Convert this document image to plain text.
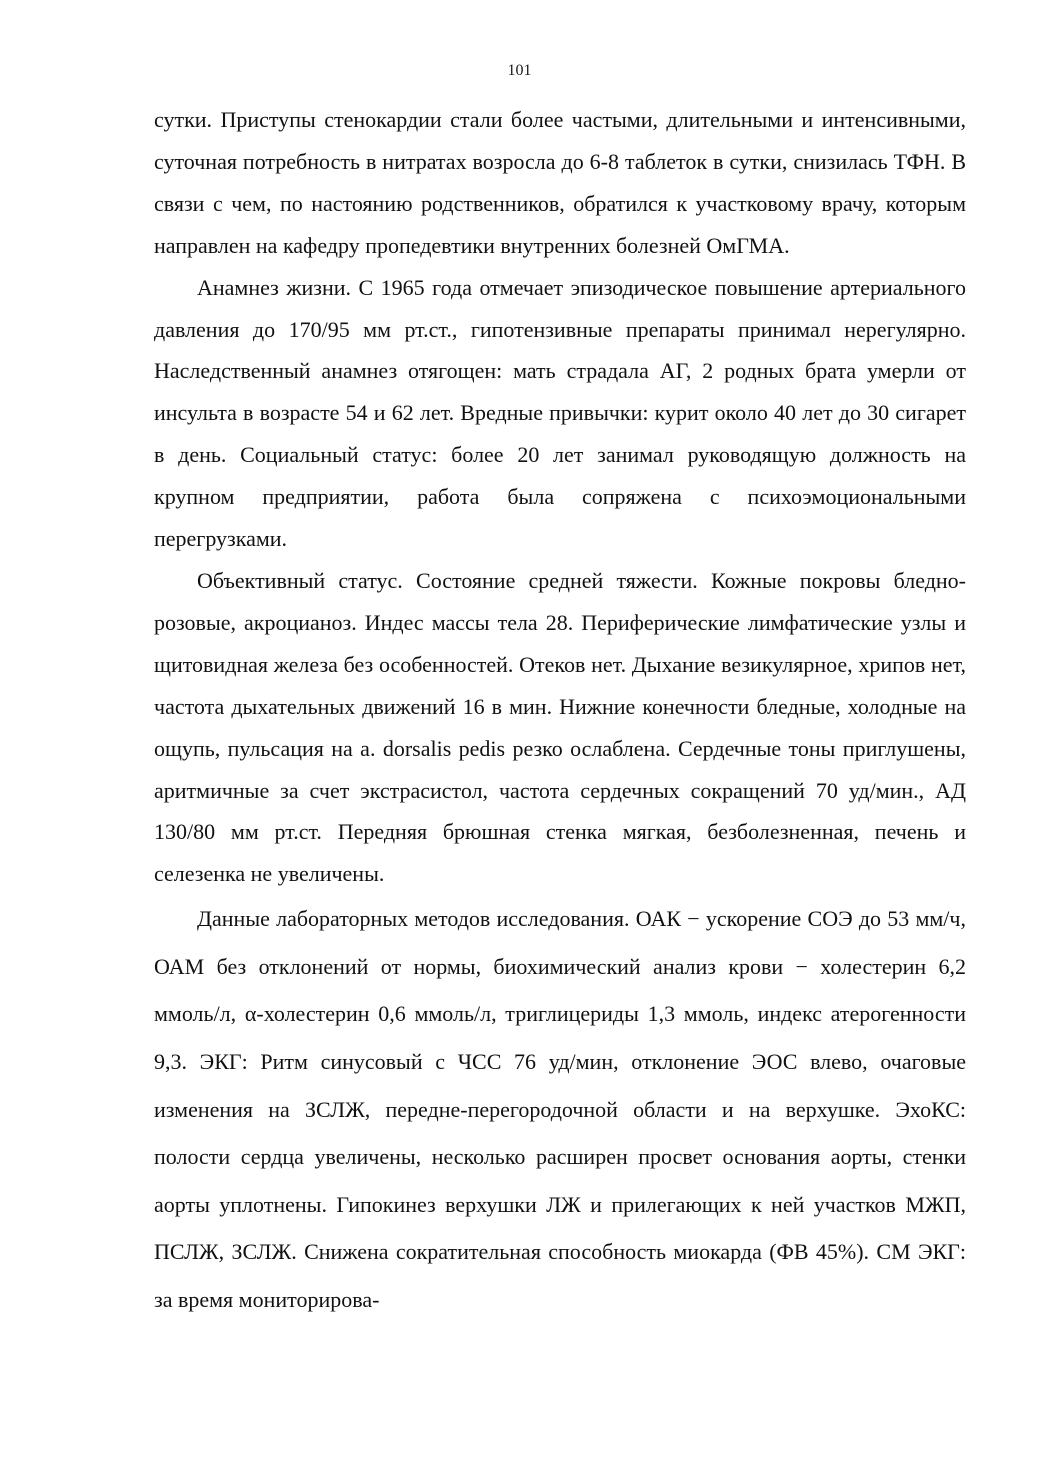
101

сутки. Приступы стенокардии стали более частыми, длительными и интенсивными, суточная потребность в нитратах возросла до 6-8 таблеток в сутки, снизилась ТФН. В связи с чем, по настоянию родственников, обратился к участковому врачу, которым направлен на кафедру пропедевтики внутренних болезней ОмГМА.

Анамнез жизни. С 1965 года отмечает эпизодическое повышение артериального давления до 170/95 мм рт.ст., гипотензивные препараты принимал нерегулярно. Наследственный анамнез отягощен: мать страдала АГ, 2 родных брата умерли от инсульта в возрасте 54 и 62 лет. Вредные привычки: курит около 40 лет до 30 сигарет в день. Социальный статус: более 20 лет занимал руководящую должность на крупном предприятии, работа была сопряжена с психоэмоциональными перегрузками.

Объективный статус. Состояние средней тяжести. Кожные покровы бледно-розовые, акроцианоз. Индес массы тела 28. Периферические лимфатические узлы и щитовидная железа без особенностей. Отеков нет. Дыхание везикулярное, хрипов нет, частота дыхательных движений 16 в мин. Нижние конечности бледные, холодные на ощупь, пульсация на a. dorsalis pedis резко ослаблена. Сердечные тоны приглушены, аритмичные за счет экстрасистол, частота сердечных сокращений 70 уд/мин., АД 130/80 мм рт.ст. Передняя брюшная стенка мягкая, безболезненная, печень и селезенка не увеличены.

Данные лабораторных методов исследования. ОАК − ускорение СОЭ до 53 мм/ч, ОАМ без отклонений от нормы, биохимический анализ крови − холестерин 6,2 ммоль/л, α-холестерин 0,6 ммоль/л, триглицериды 1,3 ммоль, индекс атерогенности 9,3. ЭКГ: Ритм синусовый с ЧСС 76 уд/мин, отклонение ЭОС влево, очаговые изменения на ЗСЛЖ, передне-перегородочной области и на верхушке. ЭхоКС: полости сердца увеличены, несколько расширен просвет основания аорты, стенки аорты уплотнены. Гипокинез верхушки ЛЖ и прилегающих к ней участков МЖП, ПСЛЖ, ЗСЛЖ. Снижена сократительная способность миокарда (ФВ 45%). СМ ЭКГ: за время мониторирова-
